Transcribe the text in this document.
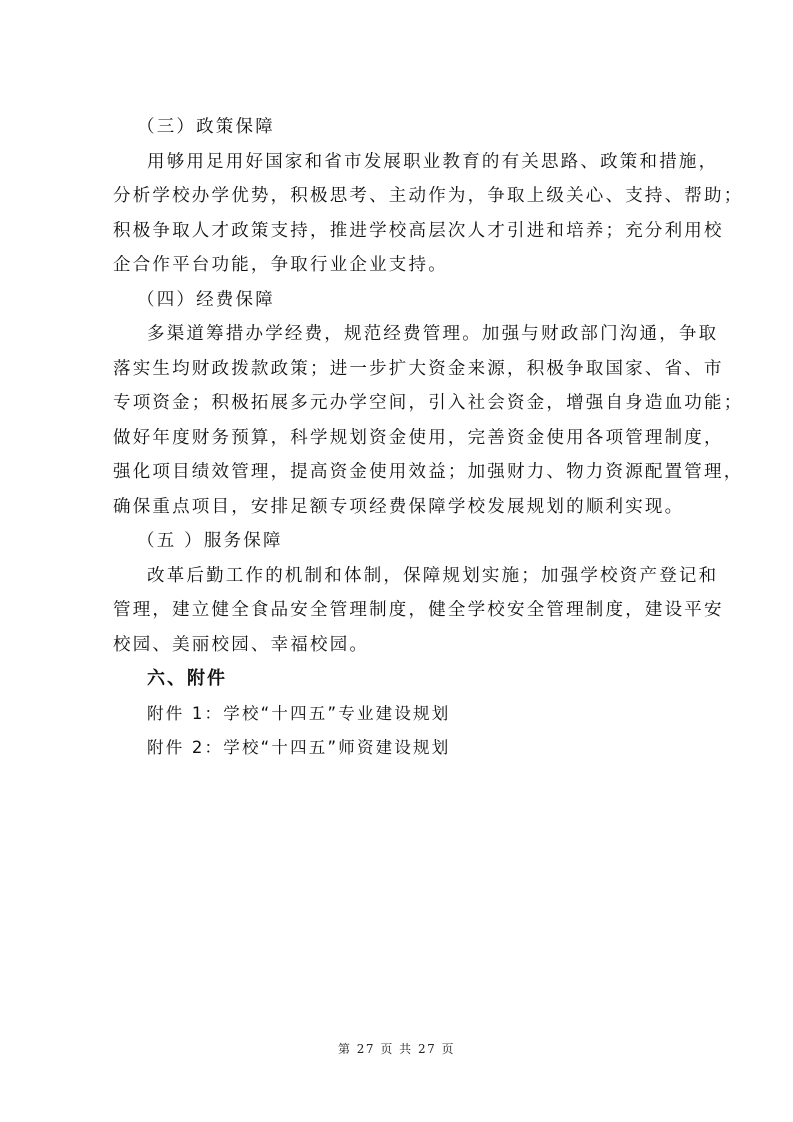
（三）政策保障
用够用足用好国家和省市发展职业教育的有关思路、政策和措施，
分析学校办学优势，积极思考、主动作为，争取上级关心、支持、帮助；
积极争取人才政策支持，推进学校高层次人才引进和培养；充分利用校
企合作平台功能，争取行业企业支持。
（四）经费保障
多渠道筹措办学经费，规范经费管理。加强与财政部门沟通，争取
落实生均财政拨款政策；进一步扩大资金来源，积极争取国家、省、市
专项资金；积极拓展多元办学空间，引入社会资金，增强自身造血功能；
做好年度财务预算，科学规划资金使用，完善资金使用各项管理制度，
强化项目绩效管理，提高资金使用效益；加强财力、物力资源配置管理，
确保重点项目，安排足额专项经费保障学校发展规划的顺利实现。
（五 ）服务保障
改革后勤工作的机制和体制，保障规划实施；加强学校资产登记和
管理，建立健全食品安全管理制度，健全学校安全管理制度，建设平安
校园、美丽校园、幸福校园。
六、附件
附件 1：学校“十四五”专业建设规划
附件 2：学校“十四五”师资建设规划
第 27 页 共 27 页
